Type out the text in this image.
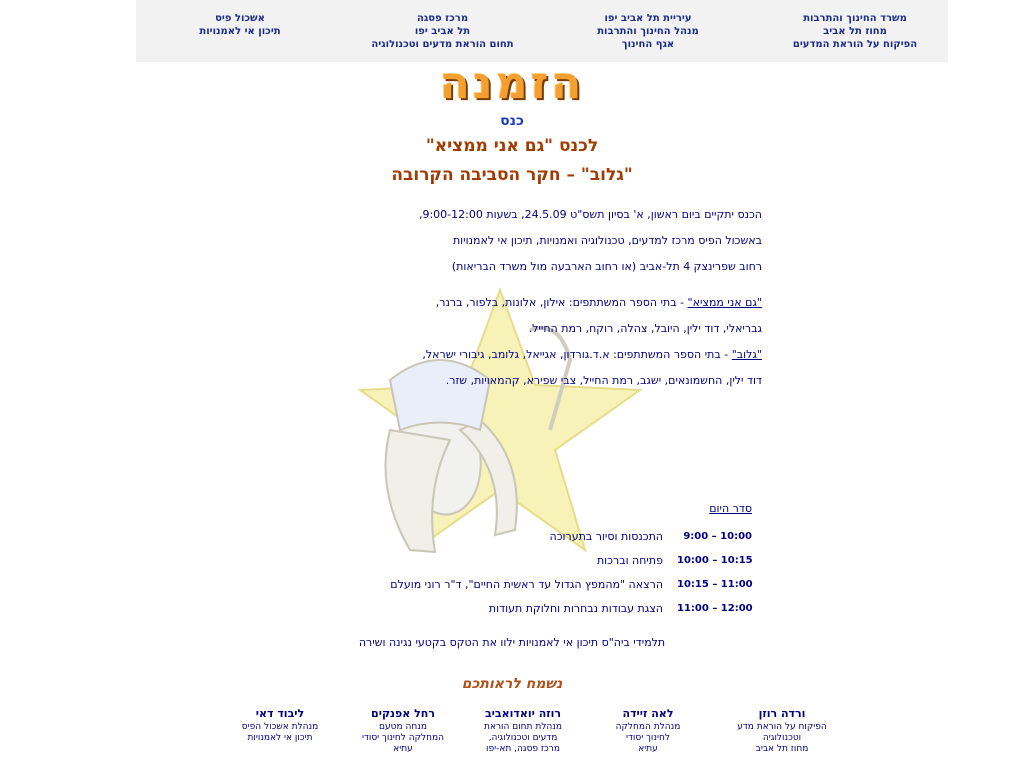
משרד החינוך והתרבות
מחוז תל אביב
הפיקוח על הוראת המדעים
עיריית תל אביב יפו
מנהל החינוך והתרבות
אגף החינוך
מרכז פסגה
תל אביב יפו
תחום הוראת מדעים וטכנולוגיה
אשכול פיס
תיכון אי לאמנויות
הזמנה
כנס
לכנס "גם אני ממציא"
"גלוב" – חקר הסביבה הקרובה
הכנס יתקיים ביום ראשון, א' בסיון תשס"ט 24.5.09, בשעות 9:00-12:00,
באשכול הפיס מרכז למדעים, טכנולוגיה ואמנויות, תיכון אי לאמנויות
רחוב שפרינצק 4 תל-אביב (או רחוב הארבעה מול משרד הבריאות)
"גם אני ממציא" - בתי הספר המשתתפים: אילון, אלונות, בלפור, ברנר,
גבריאלי, דוד ילין, היובל, צהלה, רוקח, רמת החייל.
"גלוב" - בתי הספר המשתתפים: א.ד.גורדון, אגייאל, גלומב, גיבורי ישראל,
דוד ילין, החשמונאים, ישגב, רמת החייל, צבי שפירא, קהמאויות, שזר.
סדר היום
9:00 – 10:00
התכנסות וסיור בתערוכה
10:00 – 10:15
פתיחה וברכות
10:15 – 11:00
הרצאה "מהמפץ הגדול עד ראשית החיים", ד"ר רוני מועלם
11:00 – 12:00
הצגת עבודות נבחרות וחלוקת תעודות
תלמידי ביה"ס תיכון אי לאמנויות ילוו את הטקס בקטעי נגינה ושירה
נשמח לראותכם
ורדה רוזן
הפיקוח על הוראת מדע
וטכנולוגיה
מחוז תל אביב
לאה זיידה
מנהלת המחלקה
לחינוך יסודי
עתיא
רוזה יואדואביב
מנהלת תחום הוראת
מדעים וטכנולוגיה,
מרכז פסגה, תא-יפו
רחל אפנקים
מנחה מטעם
המחלקה לחינוך יסודי
עתיא
ליבוד דאי
מנהלת אשכול הפיס
תיכון אי לאמנויות
